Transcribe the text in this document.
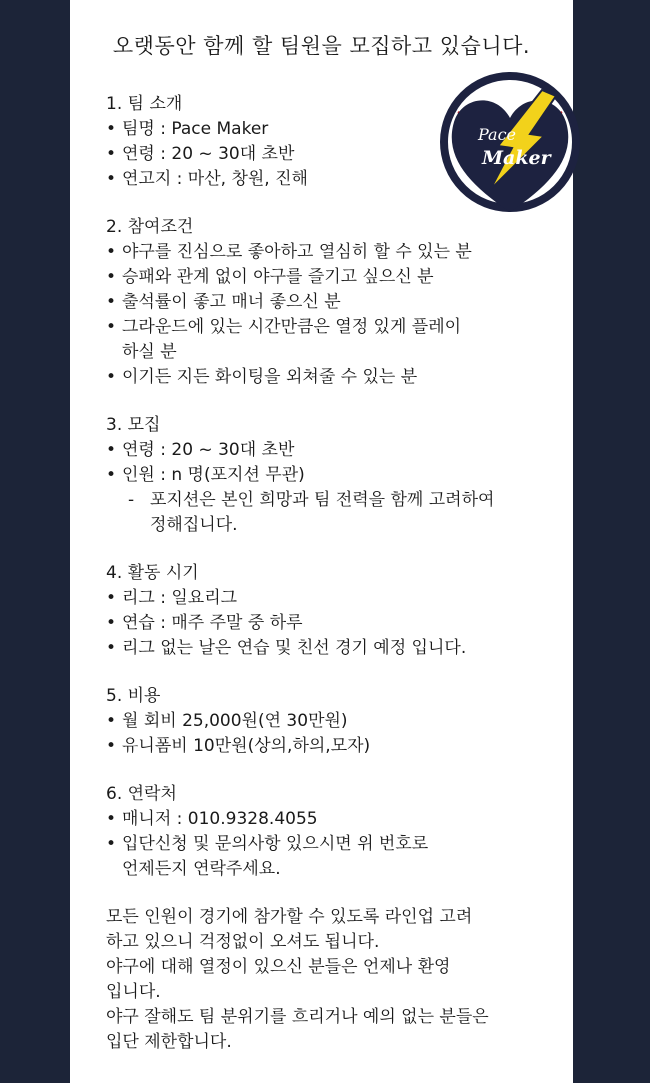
오랫동안 함께 할 팀원을 모집하고 있습니다.
Pace
Maker
1. 팀 소개
• 팀명 : Pace Maker
• 연령 : 20 ~ 30대 초반
• 연고지 : 마산, 창원, 진해
2. 참여조건
• 야구를 진심으로 좋아하고 열심히 할 수 있는 분
• 승패와 관계 없이 야구를 즐기고 싶으신 분
• 출석률이 좋고 매너 좋으신 분
• 그라운드에 있는 시간만큼은 열정 있게 플레이
하실 분
• 이기든 지든 화이팅을 외쳐줄 수 있는 분
3. 모집
• 연령 : 20 ~ 30대 초반
• 인원 : n 명(포지션 무관)
- 포지션은 본인 희망과 팀 전력을 함께 고려하여
정해집니다.
4. 활동 시기
• 리그 : 일요리그
• 연습 : 매주 주말 중 하루
• 리그 없는 날은 연습 및 친선 경기 예정 입니다.
5. 비용
• 월 회비 25,000원(연 30만원)
• 유니폼비 10만원(상의,하의,모자)
6. 연락처
• 매니저 : 010.9328.4055
• 입단신청 및 문의사항 있으시면 위 번호로
언제든지 연락주세요.

모든 인원이 경기에 참가할 수 있도록 라인업 고려

하고 있으니 걱정없이 오셔도 됩니다.

야구에 대해 열정이 있으신 분들은 언제나 환영

입니다.

야구 잘해도 팀 분위기를 흐리거나 예의 없는 분들은

입단 제한합니다.
